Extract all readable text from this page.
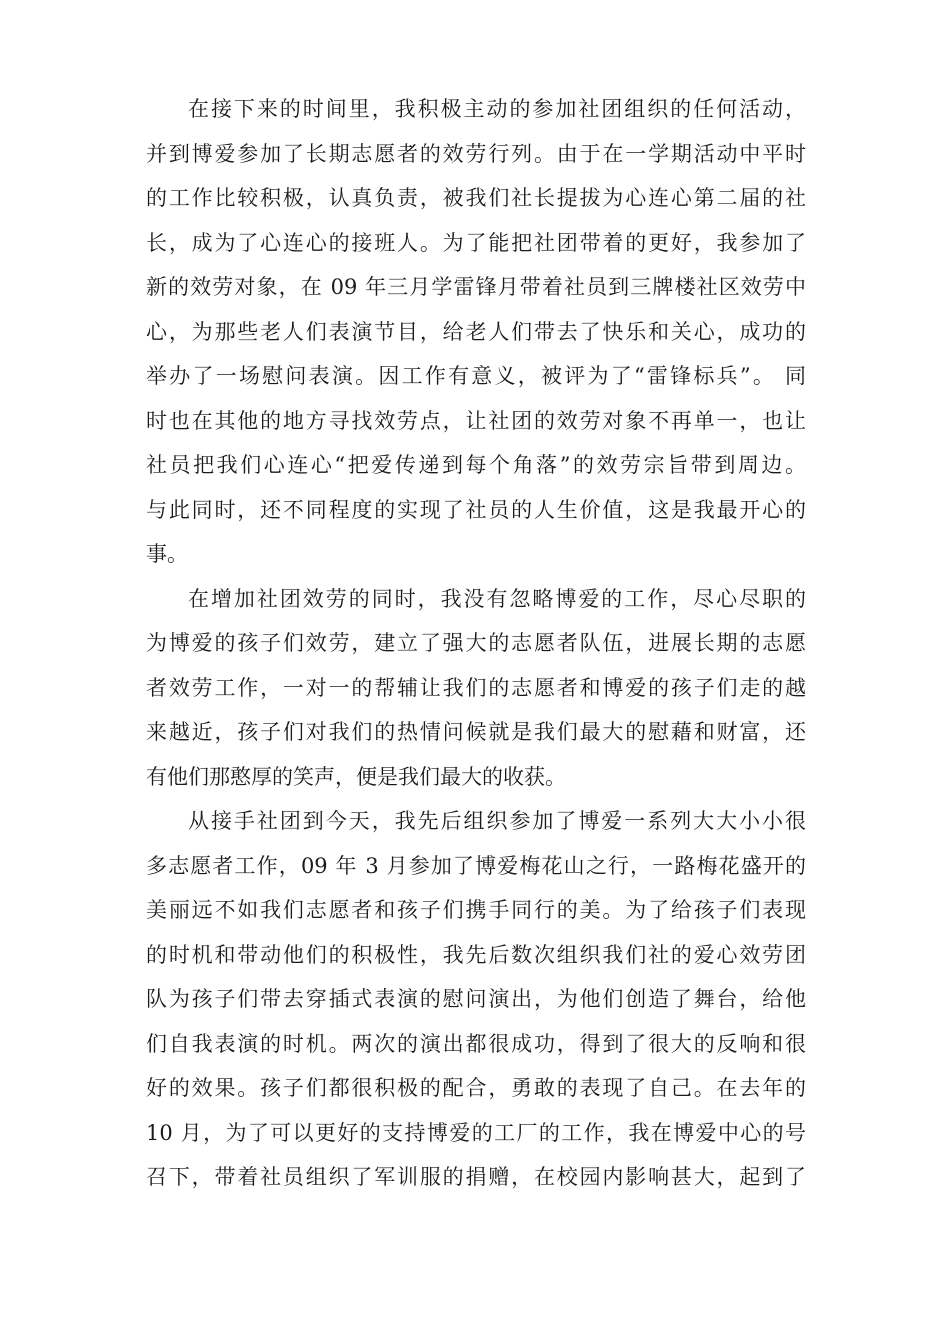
在接下来的时间里，我积极主动的参加社团组织的任何活动，
并到博爱参加了长期志愿者的效劳行列。由于在一学期活动中平时
的工作比较积极，认真负责，被我们社长提拔为心连心第二届的社
长，成为了心连心的接班人。为了能把社团带着的更好，我参加了
新的效劳对象，在 09 年三月学雷锋月带着社员到三牌楼社区效劳中
心，为那些老人们表演节目，给老人们带去了快乐和关心，成功的
举办了一场慰问表演。因工作有意义，被评为了“雷锋标兵”。 同
时也在其他的地方寻找效劳点，让社团的效劳对象不再单一，也让
社员把我们心连心“把爱传递到每个角落”的效劳宗旨带到周边。
与此同时，还不同程度的实现了社员的人生价值，这是我最开心的
事。
在增加社团效劳的同时，我没有忽略博爱的工作，尽心尽职的
为博爱的孩子们效劳，建立了强大的志愿者队伍，进展长期的志愿
者效劳工作，一对一的帮辅让我们的志愿者和博爱的孩子们走的越
来越近，孩子们对我们的热情问候就是我们最大的慰藉和财富，还
有他们那憨厚的笑声，便是我们最大的收获。
从接手社团到今天，我先后组织参加了博爱一系列大大小小很
多志愿者工作，09 年 3 月参加了博爱梅花山之行，一路梅花盛开的
美丽远不如我们志愿者和孩子们携手同行的美。为了给孩子们表现
的时机和带动他们的积极性，我先后数次组织我们社的爱心效劳团
队为孩子们带去穿插式表演的慰问演出，为他们创造了舞台，给他
们自我表演的时机。两次的演出都很成功，得到了很大的反响和很
好的效果。孩子们都很积极的配合，勇敢的表现了自己。在去年的
10 月，为了可以更好的支持博爱的工厂的工作，我在博爱中心的号
召下，带着社员组织了军训服的捐赠，在校园内影响甚大，起到了
